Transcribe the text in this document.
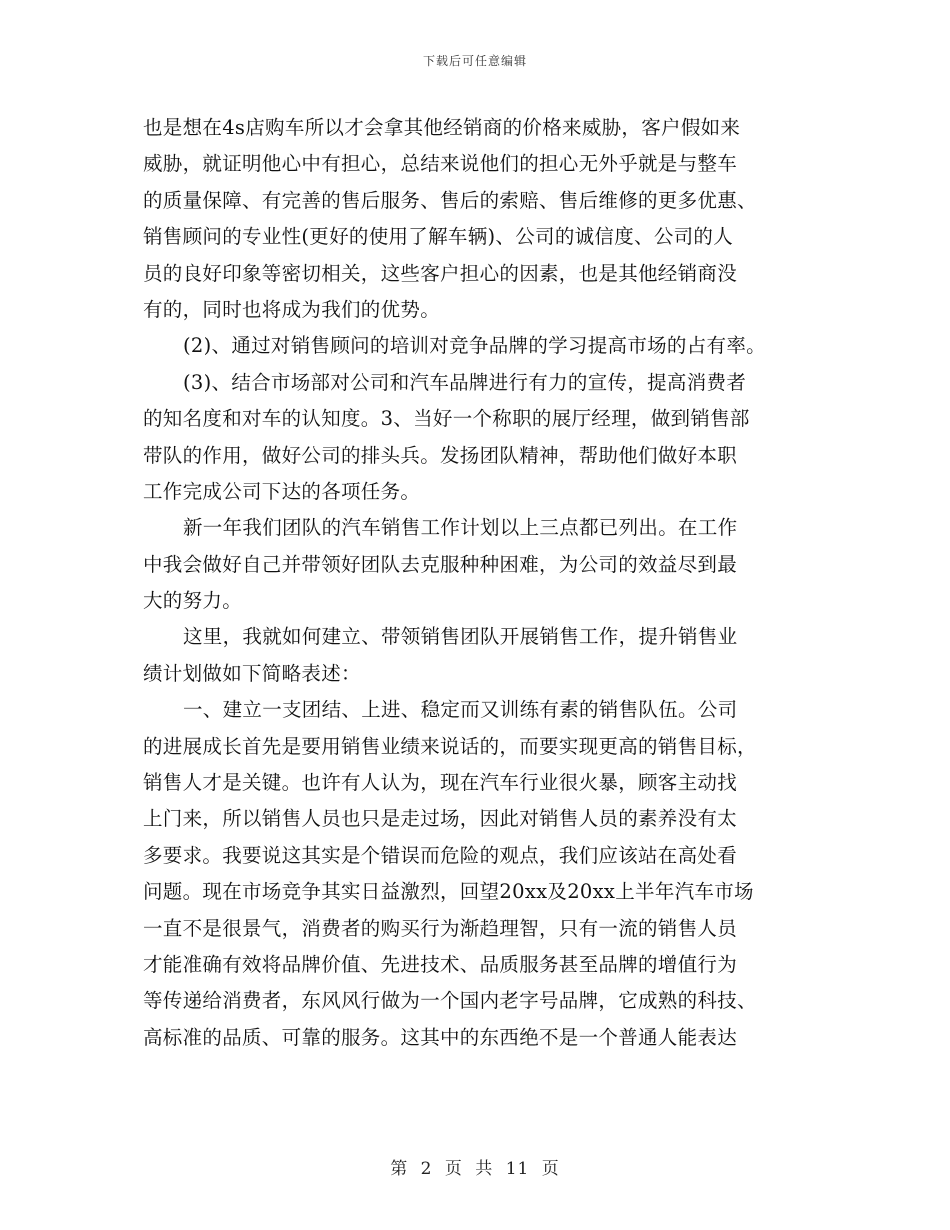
下载后可任意编辑
也是想在4s店购车所以才会拿其他经销商的价格来威胁，客户假如来
威胁，就证明他心中有担心，总结来说他们的担心无外乎就是与整车
的质量保障、有完善的售后服务、售后的索赔、售后维修的更多优惠、
销售顾问的专业性(更好的使用了解车辆)、公司的诚信度、公司的人
员的良好印象等密切相关，这些客户担心的因素，也是其他经销商没
有的，同时也将成为我们的优势。
(2)、通过对销售顾问的培训对竞争品牌的学习提高市场的占有率。
(3)、结合市场部对公司和汽车品牌进行有力的宣传，提高消费者
的知名度和对车的认知度。3、当好一个称职的展厅经理，做到销售部
带队的作用，做好公司的排头兵。发扬团队精神，帮助他们做好本职
工作完成公司下达的各项任务。
新一年我们团队的汽车销售工作计划以上三点都已列出。在工作
中我会做好自己并带领好团队去克服种种困难，为公司的效益尽到最
大的努力。
这里，我就如何建立、带领销售团队开展销售工作，提升销售业
绩计划做如下简略表述：
一、建立一支团结、上进、稳定而又训练有素的销售队伍。公司
的进展成长首先是要用销售业绩来说话的，而要实现更高的销售目标，
销售人才是关键。也许有人认为，现在汽车行业很火暴，顾客主动找
上门来，所以销售人员也只是走过场，因此对销售人员的素养没有太
多要求。我要说这其实是个错误而危险的观点，我们应该站在高处看
问题。现在市场竞争其实日益激烈，回望20xx及20xx上半年汽车市场
一直不是很景气，消费者的购买行为渐趋理智，只有一流的销售人员
才能准确有效将品牌价值、先进技术、品质服务甚至品牌的增值行为
等传递给消费者，东风风行做为一个国内老字号品牌，它成熟的科技、
高标准的品质、可靠的服务。这其中的东西绝不是一个普通人能表达
第 2 页 共 11 页
